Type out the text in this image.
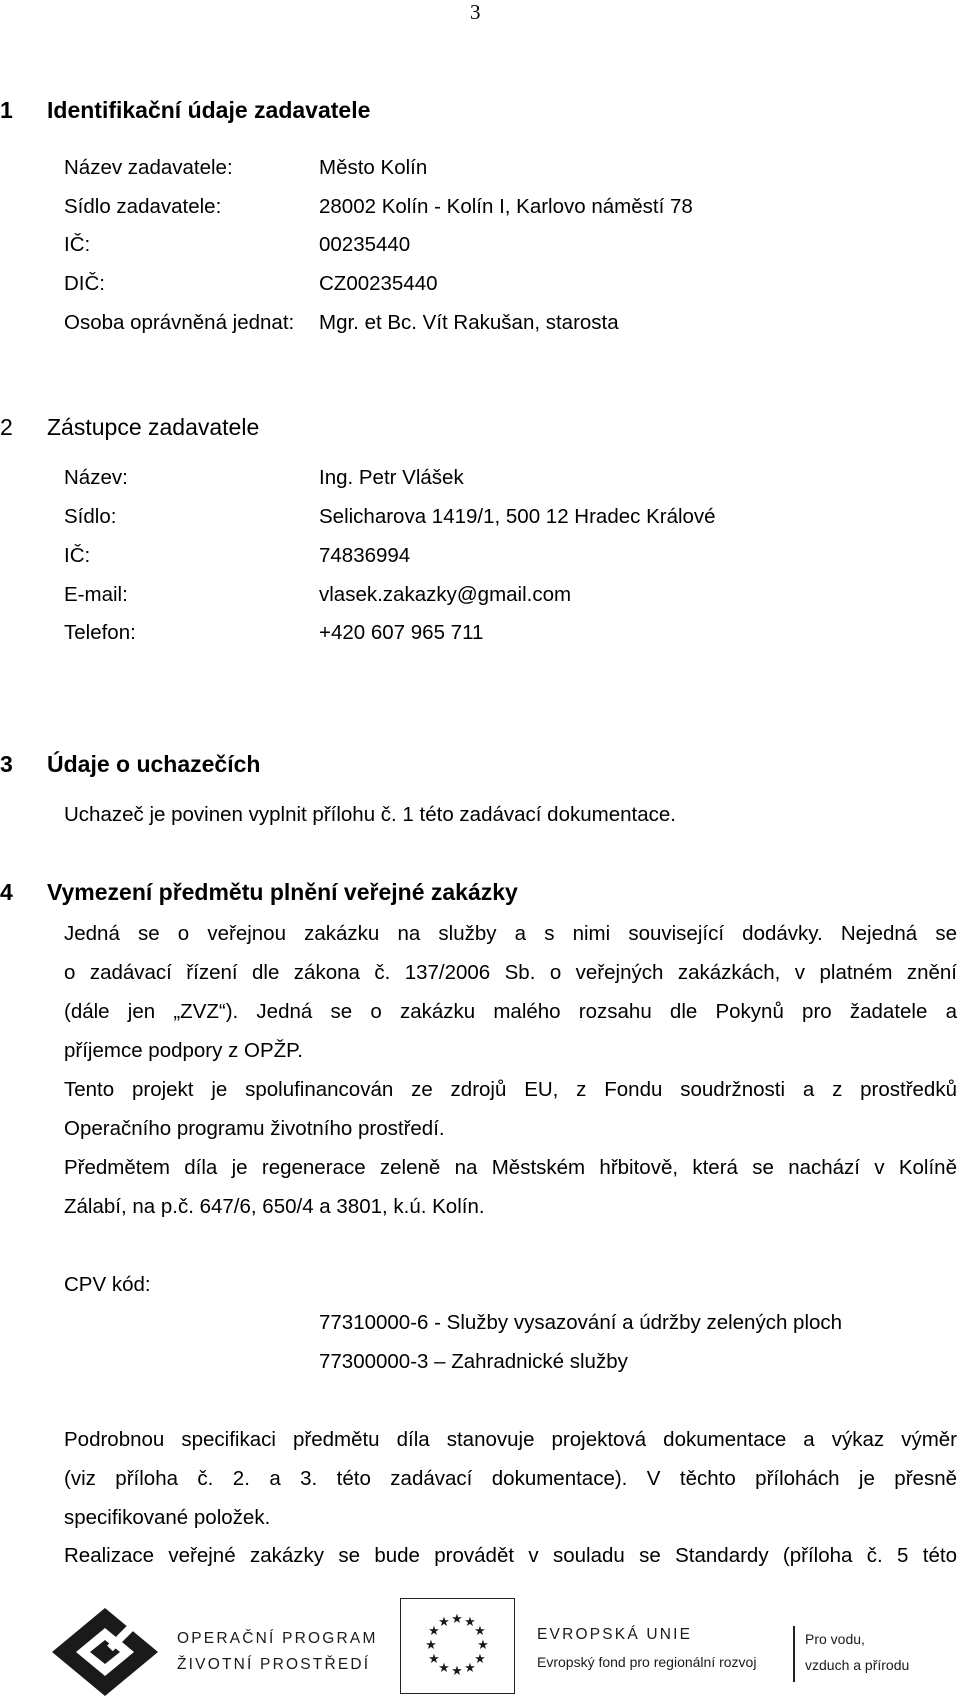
3
1 Identifikační údaje zadavatele
Název zadavatele:	Město Kolín
Sídlo zadavatele:	28002 Kolín - Kolín I, Karlovo náměstí 78
IČ:	00235440
DIČ:	CZ00235440
Osoba oprávněná jednat: Mgr. et Bc. Vít Rakušan, starosta
2 Zástupce zadavatele
Název:	Ing. Petr Vlášek
Sídlo:	Selicharova 1419/1, 500 12 Hradec Králové
IČ:	74836994
E-mail:	vlasek.zakazky@gmail.com
Telefon:	+420 607 965 711
3 Údaje o uchazečích
Uchazeč je povinen vyplnit přílohu č. 1 této zadávací dokumentace.
4 Vymezení předmětu plnění veřejné zakázky
Jedná se o veřejnou zakázku na služby a s nimi související dodávky. Nejedná se
o zadávací řízení dle zákona č. 137/2006 Sb. o veřejných zakázkách, v platném znění
(dále jen „ZVZ“). Jedná se o zakázku malého rozsahu dle Pokynů pro žadatele a
příjemce podpory z OPŽP.
Tento projekt je spolufinancován ze zdrojů EU, z Fondu soudržnosti a z prostředků
Operačního programu životního prostředí.
Předmětem díla je regenerace zeleně na Městském hřbitově, která se nachází v Kolíně
Zálabí, na p.č. 647/6, 650/4 a 3801, k.ú. Kolín.
CPV kód:
77310000-6 - Služby vysazování a údržby zelených ploch
77300000-3 – Zahradnické služby
Podrobnou specifikaci předmětu díla stanovuje projektová dokumentace a výkaz výměr
(viz příloha č. 2. a 3. této zadávací dokumentace). V těchto přílohách je přesně
specifikované položek.
Realizace veřejné zakázky se bude provádět v souladu se Standardy (příloha č. 5 této
OPERAČNÍ PROGRAM
ŽIVOTNÍ PROSTŘEDÍ
★ ★
★
★
★
★
★
★
★
★
★
★
EVROPSKÁ UNIE
Evropský fond pro regionální rozvoj
Pro vodu,
vzduch a přírodu
